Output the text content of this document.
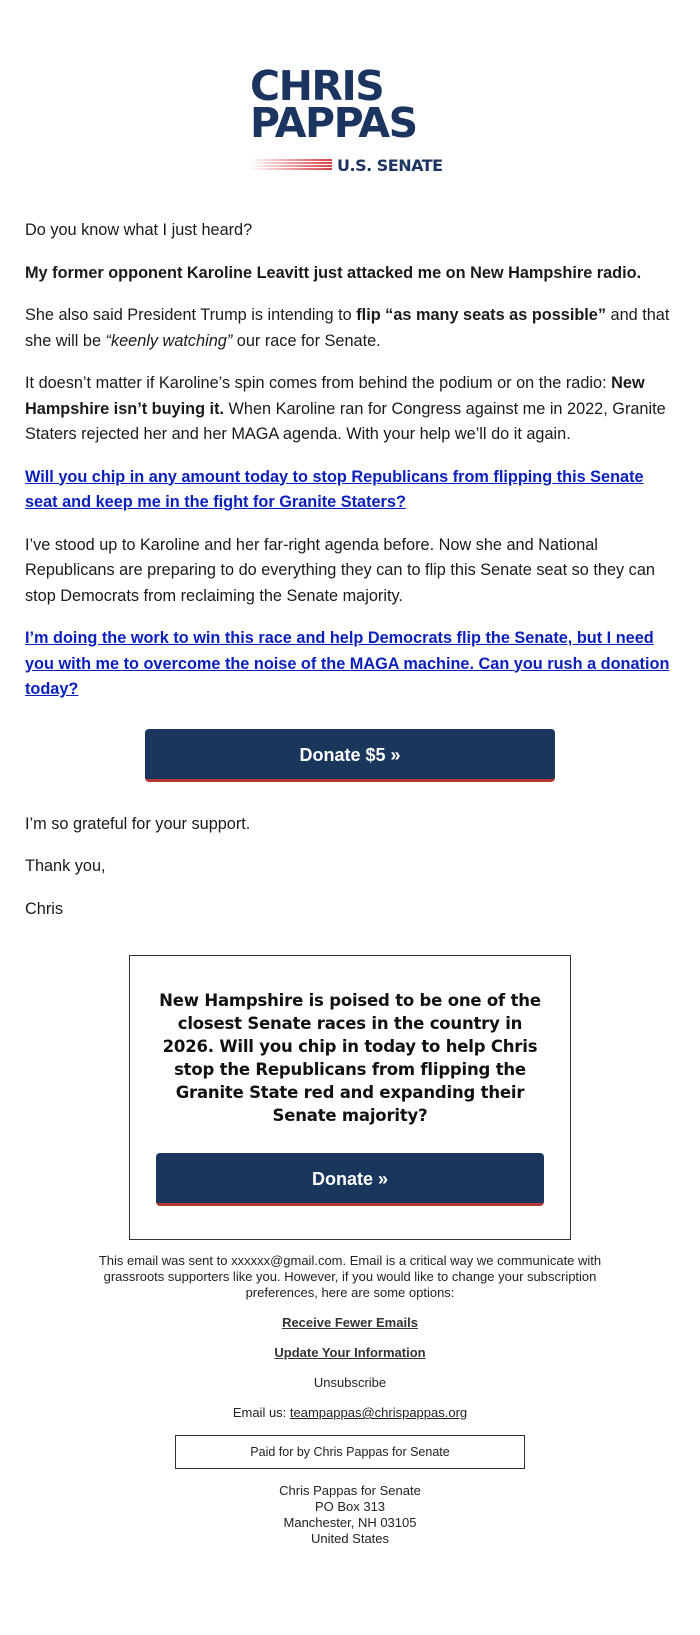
CHRIS
PAPPAS
U.S. SENATE

Do you know what I just heard?

My former opponent Karoline Leavitt just attacked me on New Hampshire radio.

She also said President Trump is intending to flip “as many seats as possible” and that she will be “keenly watching” our race for Senate.

It doesn’t matter if Karoline’s spin comes from behind the podium or on the radio: New Hampshire isn’t buying it. When Karoline ran for Congress against me in 2022, Granite Staters rejected her and her MAGA agenda. With your help we’ll do it again.

Will you chip in any amount today to stop Republicans from flipping this Senate seat and keep me in the fight for Granite Staters?

I’ve stood up to Karoline and her far-right agenda before. Now she and National Republicans are preparing to do everything they can to flip this Senate seat so they can stop Democrats from reclaiming the Senate majority.

I’m doing the work to win this race and help Democrats flip the Senate, but I need you with me to overcome the noise of the MAGA machine. Can you rush a donation today?

Donate $5 »

I’m so grateful for your support.

Thank you,

Chris

New Hampshire is poised to be one of the closest Senate races in the country in 2026. Will you chip in today to help Chris stop the Republicans from flipping the Granite State red and expanding their Senate majority?
Donate »
This email was sent to xxxxxx@gmail.com. Email is a critical way we communicate with grassroots supporters like you. However, if you would like to change your subscription preferences, here are some options:
Receive Fewer Emails
Update Your Information
Unsubscribe
Email us: teampappas@chrispappas.org
Paid for by Chris Pappas for Senate
Chris Pappas for Senate
PO Box 313
Manchester, NH 03105
United States
